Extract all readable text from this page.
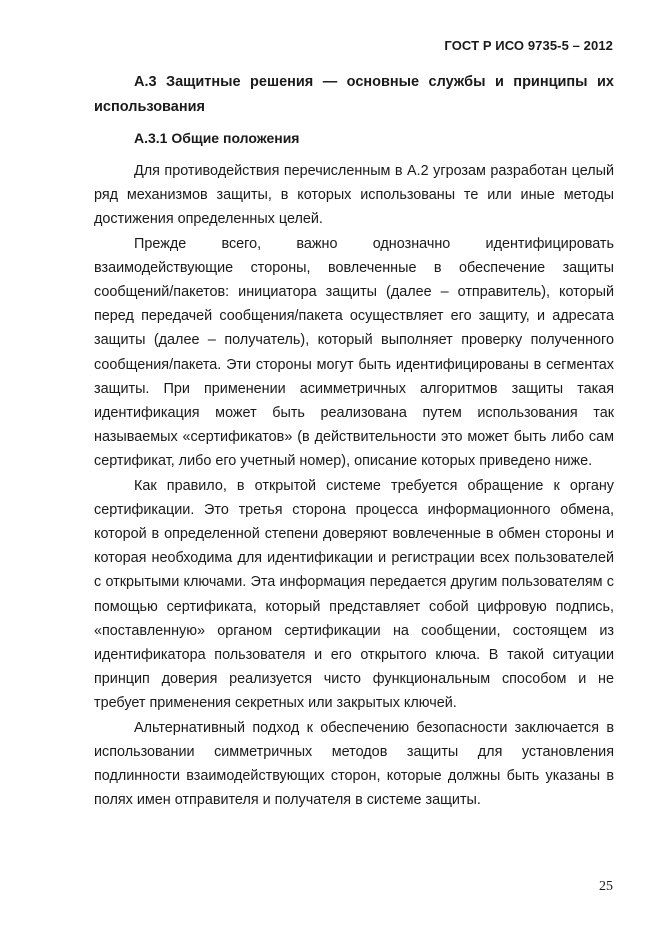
ГОСТ Р ИСО 9735-5 – 2012
А.3 Защитные решения — основные службы и принципы их использования
А.3.1 Общие положения

Для противодействия перечисленным в А.2 угрозам разработан целый ряд механизмов защиты, в которых использованы те или иные методы достижения определенных целей.

Прежде всего, важно однозначно идентифицировать взаимодействующие стороны, вовлеченные в обеспечение защиты сообщений/пакетов: инициатора защиты (далее – отправитель), который перед передачей сообщения/пакета осуществляет его защиту, и адресата защиты (далее – получатель), который выполняет проверку полученного сообщения/пакета. Эти стороны могут быть идентифицированы в сегментах защиты. При применении асимметричных алгоритмов защиты такая идентификация может быть реализована путем использования так называемых «сертификатов» (в действительности это может быть либо сам сертификат, либо его учетный номер), описание которых приведено ниже.

Как правило, в открытой системе требуется обращение к органу сертификации. Это третья сторона процесса информационного обмена, которой в определенной степени доверяют вовлеченные в обмен стороны и которая необходима для идентификации и регистрации всех пользователей с открытыми ключами. Эта информация передается другим пользователям с помощью сертификата, который представляет собой цифровую подпись, «поставленную» органом сертификации на сообщении, состоящем из идентификатора пользователя и его открытого ключа. В такой ситуации принцип доверия реализуется чисто функциональным способом и не требует применения секретных или закрытых ключей.

Альтернативный подход к обеспечению безопасности заключается в использовании симметричных методов защиты для установления подлинности взаимодействующих сторон, которые должны быть указаны в полях имен отправителя и получателя в системе защиты.

25
